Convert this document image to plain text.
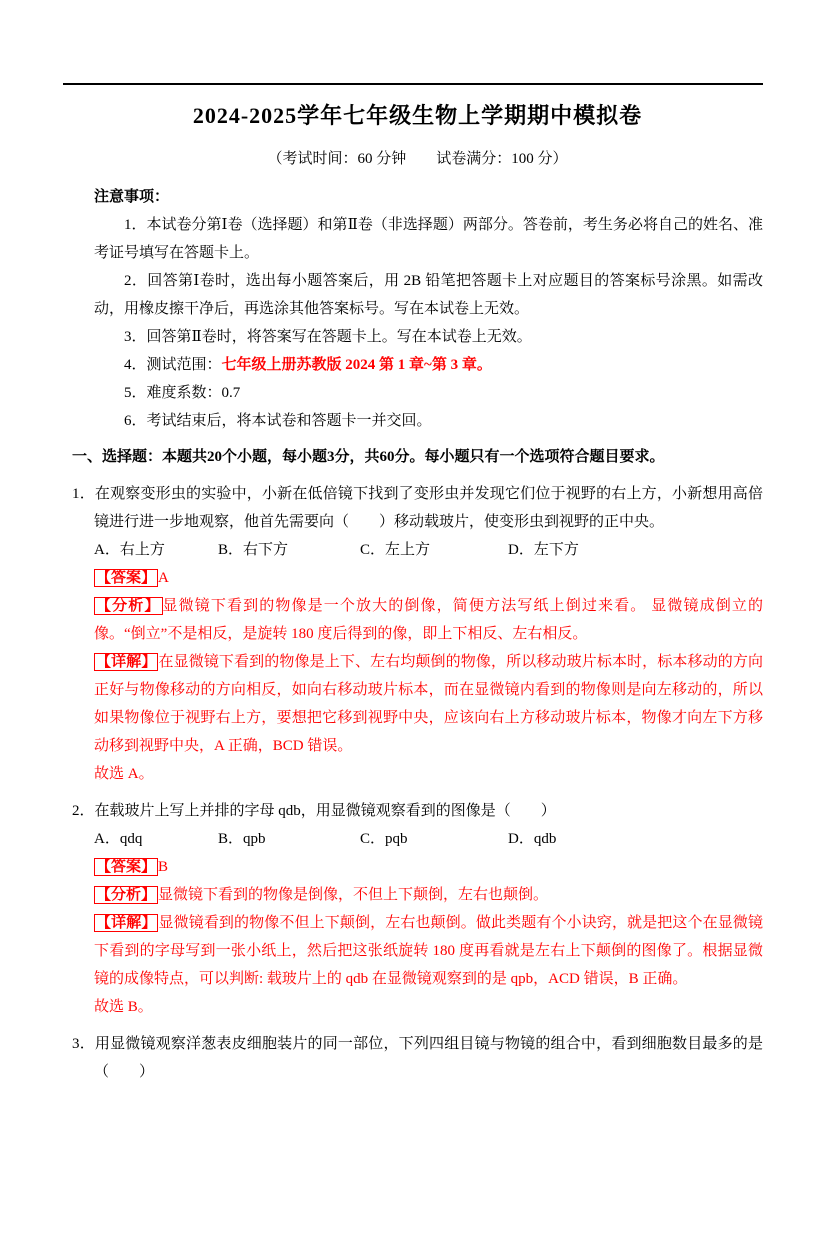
2024-2025学年七年级生物上学期期中模拟卷

（考试时间：60 分钟　　试卷满分：100 分）

注意事项：

1．本试卷分第Ⅰ卷（选择题）和第Ⅱ卷（非选择题）两部分。答卷前，考生务必将自己的姓名、准考证号填写在答题卡上。

2．回答第Ⅰ卷时，选出每小题答案后，用 2B 铅笔把答题卡上对应题目的答案标号涂黑。如需改动，用橡皮擦干净后，再选涂其他答案标号。写在本试卷上无效。

3．回答第Ⅱ卷时，将答案写在答题卡上。写在本试卷上无效。

4．测试范围：七年级上册苏教版 2024 第 1 章~第 3 章。

5．难度系数：0.7

6．考试结束后，将本试卷和答题卡一并交回。

一、选择题：本题共20个小题，每小题3分，共60分。每小题只有一个选项符合题目要求。

1．在观察变形虫的实验中，小新在低倍镜下找到了变形虫并发现它们位于视野的右上方，小新想用高倍镜进行进一步地观察，他首先需要向（　　）移动载玻片，使变形虫到视野的正中央。

A．右上方	B．右下方	C．左上方	D．左下方

【答案】 A

【分析】 显微镜下看到的物像是一个放大的倒像，简便方法写纸上倒过来看。 显微镜成倒立的像。“倒立”不是相反，是旋转 180 度后得到的像，即上下相反、左右相反。

【详解】 在显微镜下看到的物像是上下、左右均颠倒的物像，所以移动玻片标本时，标本移动的方向正好与物像移动的方向相反，如向右移动玻片标本，而在显微镜内看到的物像则是向左移动的，所以如果物像位于视野右上方，要想把它移到视野中央，应该向右上方移动玻片标本，物像才向左下方移动移到视野中央，A 正确，BCD 错误。

故选 A。

2．在载玻片上写上并排的字母 qdb，用显微镜观察看到的图像是（　　）

A．qdq	B．qpb	C．pqb	D．qdb

【答案】 B

【分析】 显微镜下看到的物像是倒像，不但上下颠倒，左右也颠倒。

【详解】 显微镜看到的物像不但上下颠倒，左右也颠倒。做此类题有个小诀窍，就是把这个在显微镜下看到的字母写到一张小纸上，然后把这张纸旋转 180 度再看就是左右上下颠倒的图像了。根据显微镜的成像特点，可以判断: 载玻片上的 qdb 在显微镜观察到的是 qpb，ACD 错误，B 正确。

故选 B。

3．用显微镜观察洋葱表皮细胞装片的同一部位，下列四组目镜与物镜的组合中，看到细胞数目最多的是（　　）
